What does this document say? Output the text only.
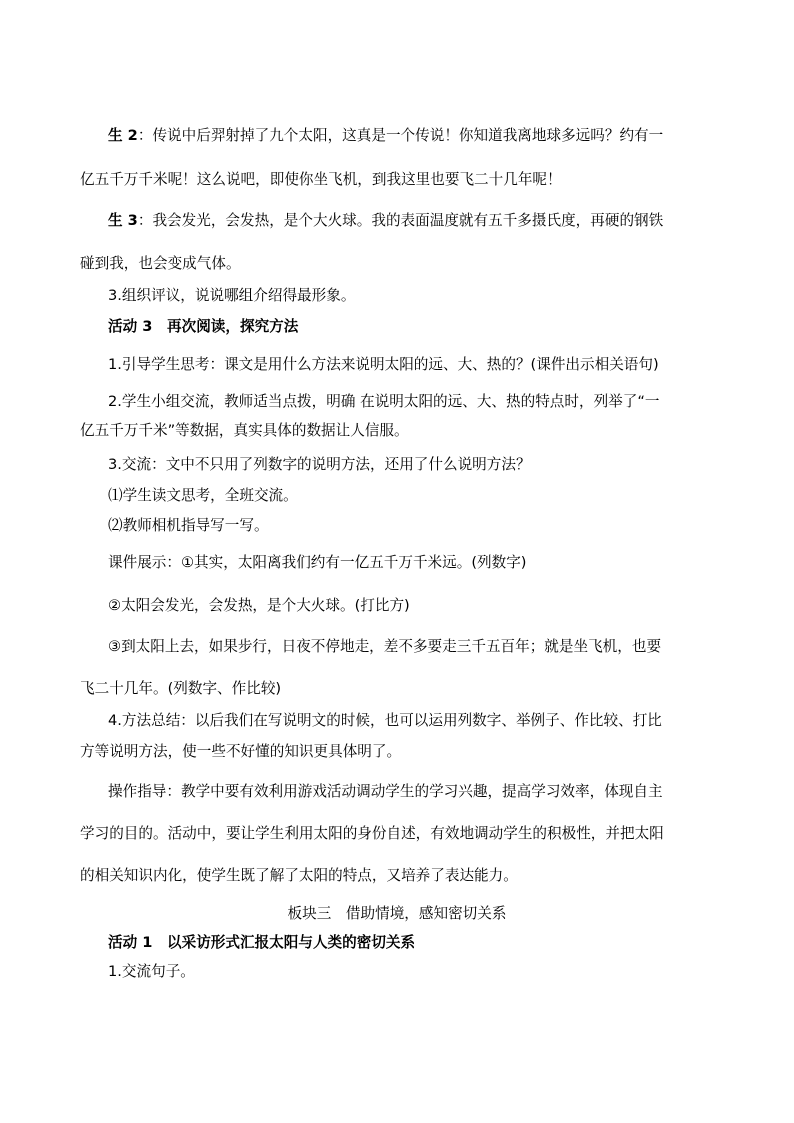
生 2：传说中后羿射掉了九个太阳，这真是一个传说！你知道我离地球多远吗？约有一
亿五千万千米呢！这么说吧，即使你坐飞机，到我这里也要飞二十几年呢！
生 3：我会发光，会发热，是个大火球。我的表面温度就有五千多摄氏度，再硬的钢铁
碰到我，也会变成气体。
3.组织评议，说说哪组介绍得最形象。
活动 3　再次阅读，探究方法
1.引导学生思考：课文是用什么方法来说明太阳的远、大、热的？(课件出示相关语句)
2.学生小组交流，教师适当点拨，明确 在说明太阳的远、大、热的特点时，列举了“一
亿五千万千米”等数据，真实具体的数据让人信服。
3.交流：文中不只用了列数字的说明方法，还用了什么说明方法？
⑴学生读文思考，全班交流。
⑵教师相机指导写一写。
课件展示：①其实，太阳离我们约有一亿五千万千米远。(列数字)
②太阳会发光，会发热，是个大火球。(打比方)
③到太阳上去，如果步行，日夜不停地走，差不多要走三千五百年；就是坐飞机，也要
飞二十几年。(列数字、作比较)
4.方法总结：以后我们在写说明文的时候，也可以运用列数字、举例子、作比较、打比
方等说明方法，使一些不好懂的知识更具体明了。
操作指导：教学中要有效利用游戏活动调动学生的学习兴趣，提高学习效率，体现自主
学习的目的。活动中，要让学生利用太阳的身份自述，有效地调动学生的积极性，并把太阳
的相关知识内化，使学生既了解了太阳的特点，又培养了表达能力。
板块三　借助情境，感知密切关系
活动 1　以采访形式汇报太阳与人类的密切关系
1.交流句子。
